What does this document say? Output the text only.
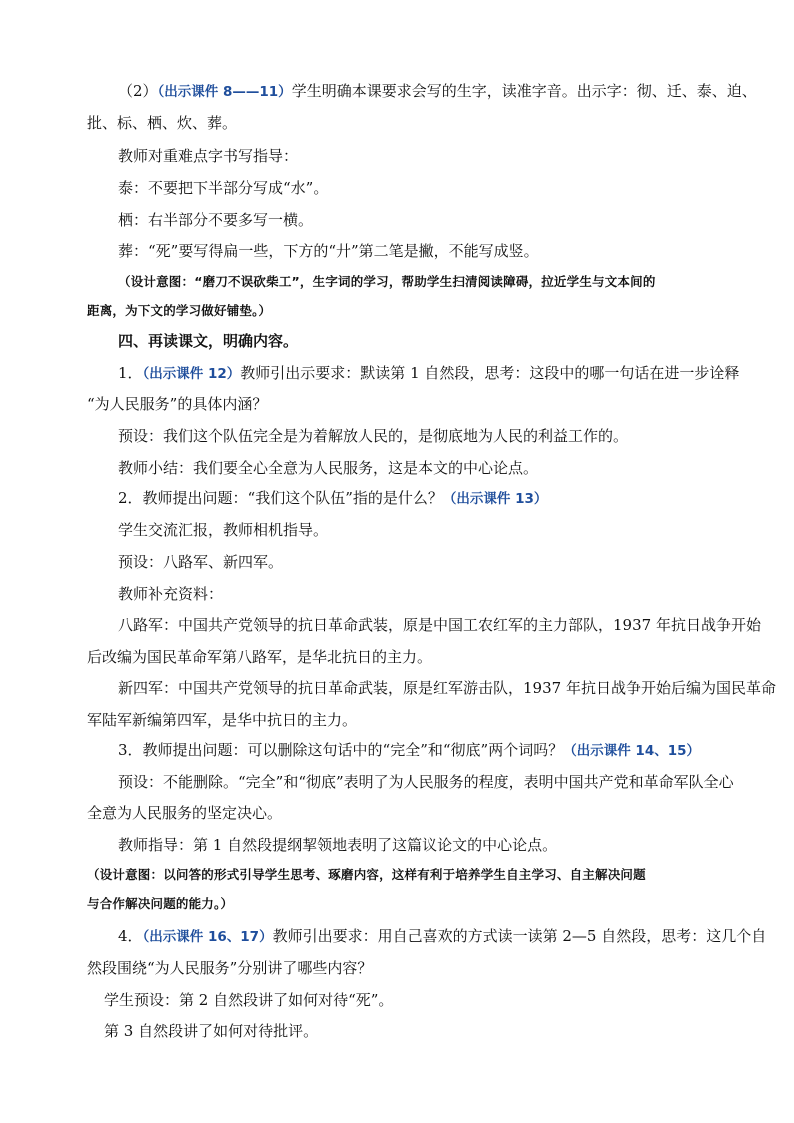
（2）（出示课件 8——11）学生明确本课要求会写的生字，读准字音。出示字：彻、迁、泰、迫、
批、标、栖、炊、葬。
教师对重难点字书写指导：
泰：不要把下半部分写成“水”。
栖：右半部分不要多写一横。
葬：“死”要写得扁一些，下方的“廾”第二笔是撇，不能写成竖。
（设计意图：“磨刀不误砍柴工”，生字词的学习，帮助学生扫清阅读障碍，拉近学生与文本间的
距离，为下文的学习做好铺垫。）
四、再读课文，明确内容。
1．（出示课件 12）教师引出示要求：默读第 1 自然段，思考：这段中的哪一句话在进一步诠释
“为人民服务”的具体内涵？
预设：我们这个队伍完全是为着解放人民的，是彻底地为人民的利益工作的。
教师小结：我们要全心全意为人民服务，这是本文的中心论点。
2．教师提出问题：“我们这个队伍”指的是什么？（出示课件 13）
学生交流汇报，教师相机指导。
预设：八路军、新四军。
教师补充资料：
八路军：中国共产党领导的抗日革命武装，原是中国工农红军的主力部队，1937 年抗日战争开始
后改编为国民革命军第八路军，是华北抗日的主力。
新四军：中国共产党领导的抗日革命武装，原是红军游击队，1937 年抗日战争开始后编为国民革命
军陆军新编第四军，是华中抗日的主力。
3．教师提出问题：可以删除这句话中的“完全”和“彻底”两个词吗？（出示课件 14、15）
预设：不能删除。“完全”和“彻底”表明了为人民服务的程度，表明中国共产党和革命军队全心
全意为人民服务的坚定决心。
教师指导：第 1 自然段提纲挈领地表明了这篇议论文的中心论点。
（设计意图：以问答的形式引导学生思考、琢磨内容，这样有利于培养学生自主学习、自主解决问题
与合作解决问题的能力。）
4．（出示课件 16、17）教师引出要求：用自己喜欢的方式读一读第 2—5 自然段，思考：这几个自
然段围绕“为人民服务”分别讲了哪些内容？
学生预设：第 2 自然段讲了如何对待“死”。
第 3 自然段讲了如何对待批评。
